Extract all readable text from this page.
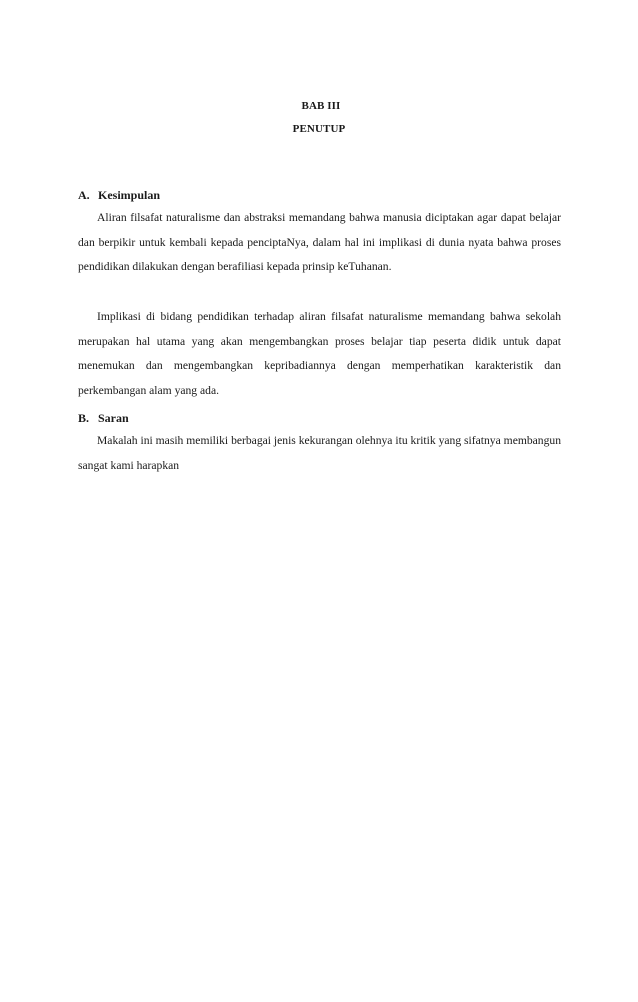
BAB III
PENUTUP
A. Kesimpulan

Aliran filsafat naturalisme dan abstraksi memandang bahwa manusia diciptakan agar dapat belajar dan berpikir untuk kembali kepada penciptaNya, dalam hal ini implikasi di dunia nyata bahwa proses pendidikan dilakukan dengan berafiliasi kepada prinsip keTuhanan.

Implikasi di bidang pendidikan terhadap aliran filsafat naturalisme memandang bahwa sekolah merupakan hal utama yang akan mengembangkan proses belajar tiap peserta didik untuk dapat menemukan dan mengembangkan kepribadiannya dengan memperhatikan karakteristik dan perkembangan alam yang ada.

B. Saran

Makalah ini masih memiliki berbagai jenis kekurangan olehnya itu kritik yang sifatnya membangun sangat kami harapkan
